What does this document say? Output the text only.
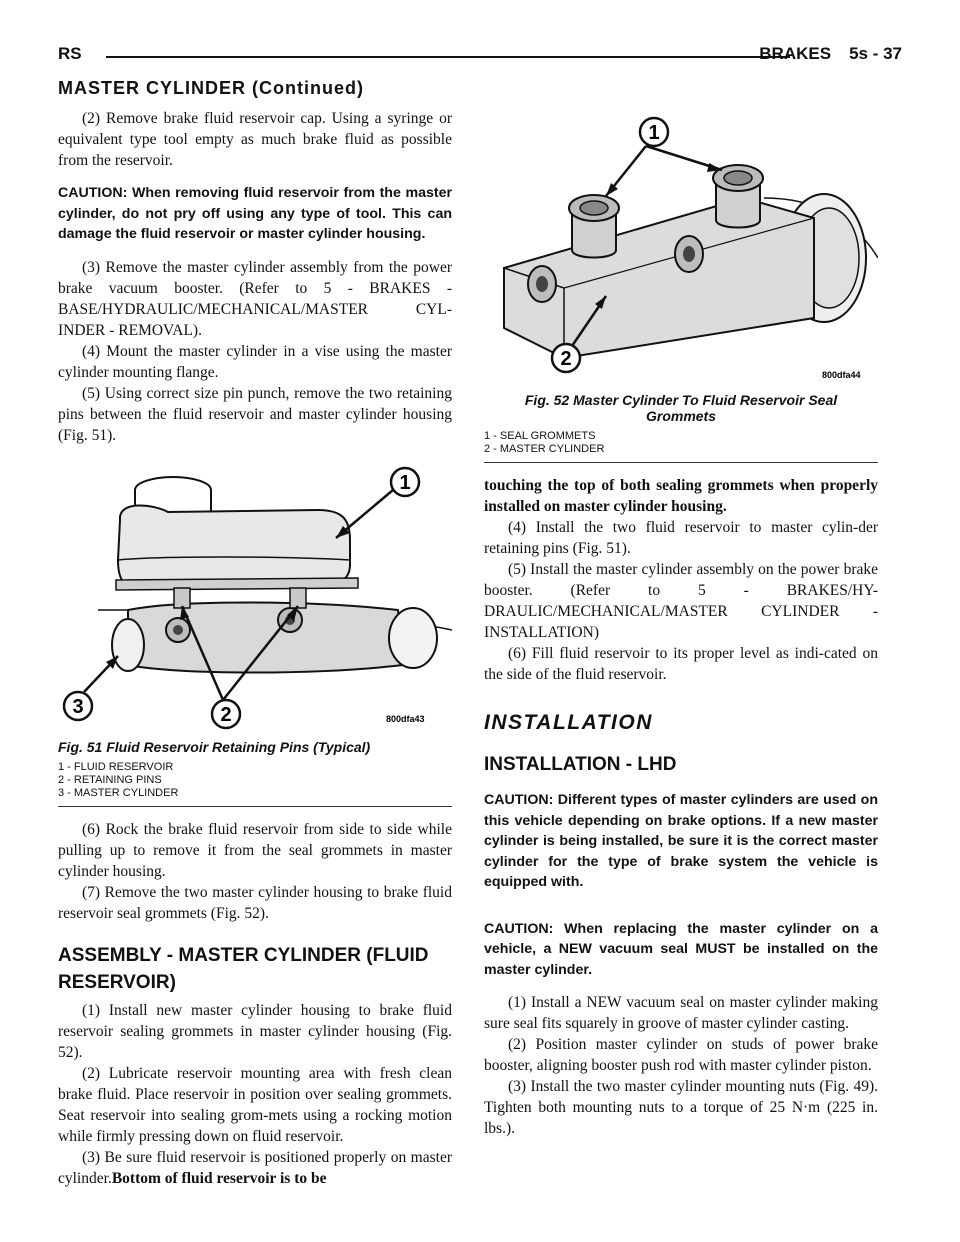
RS	BRAKES 5s - 37
MASTER CYLINDER (Continued)

(2) Remove brake fluid reservoir cap. Using a syringe or equivalent type tool empty as much brake fluid as possible from the reservoir.

CAUTION: When removing fluid reservoir from the master cylinder, do not pry off using any type of tool. This can damage the fluid reservoir or master cylinder housing.

(3) Remove the master cylinder assembly from the power brake vacuum booster. (Refer to 5 - BRAKES - BASE/HYDRAULIC/MECHANICAL/MASTER CYL-INDER - REMOVAL).

(4) Mount the master cylinder in a vise using the master cylinder mounting flange.

(5) Using correct size pin punch, remove the two retaining pins between the fluid reservoir and master cylinder housing (Fig. 51).

1
2
3
800dfa43
Fig. 51 Fluid Reservoir Retaining Pins (Typical)
1 - FLUID RESERVOIR
2 - RETAINING PINS
3 - MASTER CYLINDER

(6) Rock the brake fluid reservoir from side to side while pulling up to remove it from the seal grommets in master cylinder housing.

(7) Remove the two master cylinder housing to brake fluid reservoir seal grommets (Fig. 52).

ASSEMBLY - MASTER CYLINDER (FLUID RESERVOIR)

(1) Install new master cylinder housing to brake fluid reservoir sealing grommets in master cylinder housing (Fig. 52).

(2) Lubricate reservoir mounting area with fresh clean brake fluid. Place reservoir in position over sealing grommets. Seat reservoir into sealing grom-mets using a rocking motion while firmly pressing down on fluid reservoir.

(3) Be sure fluid reservoir is positioned properly on master cylinder.Bottom of fluid reservoir is to be

1
2
800dfa44
Fig. 52 Master Cylinder To Fluid Reservoir Seal
Grommets
1 - SEAL GROMMETS
2 - MASTER CYLINDER

touching the top of both sealing grommets when properly installed on master cylinder housing.

(4) Install the two fluid reservoir to master cylin-der retaining pins (Fig. 51).

(5) Install the master cylinder assembly on the power brake booster. (Refer to 5 - BRAKES/HY-DRAULIC/MECHANICAL/MASTER CYLINDER - INSTALLATION)

(6) Fill fluid reservoir to its proper level as indi-cated on the side of the fluid reservoir.

INSTALLATION
INSTALLATION - LHD

CAUTION: Different types of master cylinders are used on this vehicle depending on brake options. If a new master cylinder is being installed, be sure it is the correct master cylinder for the type of brake system the vehicle is equipped with.

CAUTION: When replacing the master cylinder on a vehicle, a NEW vacuum seal MUST be installed on the master cylinder.

(1) Install a NEW vacuum seal on master cylinder making sure seal fits squarely in groove of master cylinder casting.

(2) Position master cylinder on studs of power brake booster, aligning booster push rod with master cylinder piston.

(3) Install the two master cylinder mounting nuts (Fig. 49). Tighten both mounting nuts to a torque of 25 N·m (225 in. lbs.).
